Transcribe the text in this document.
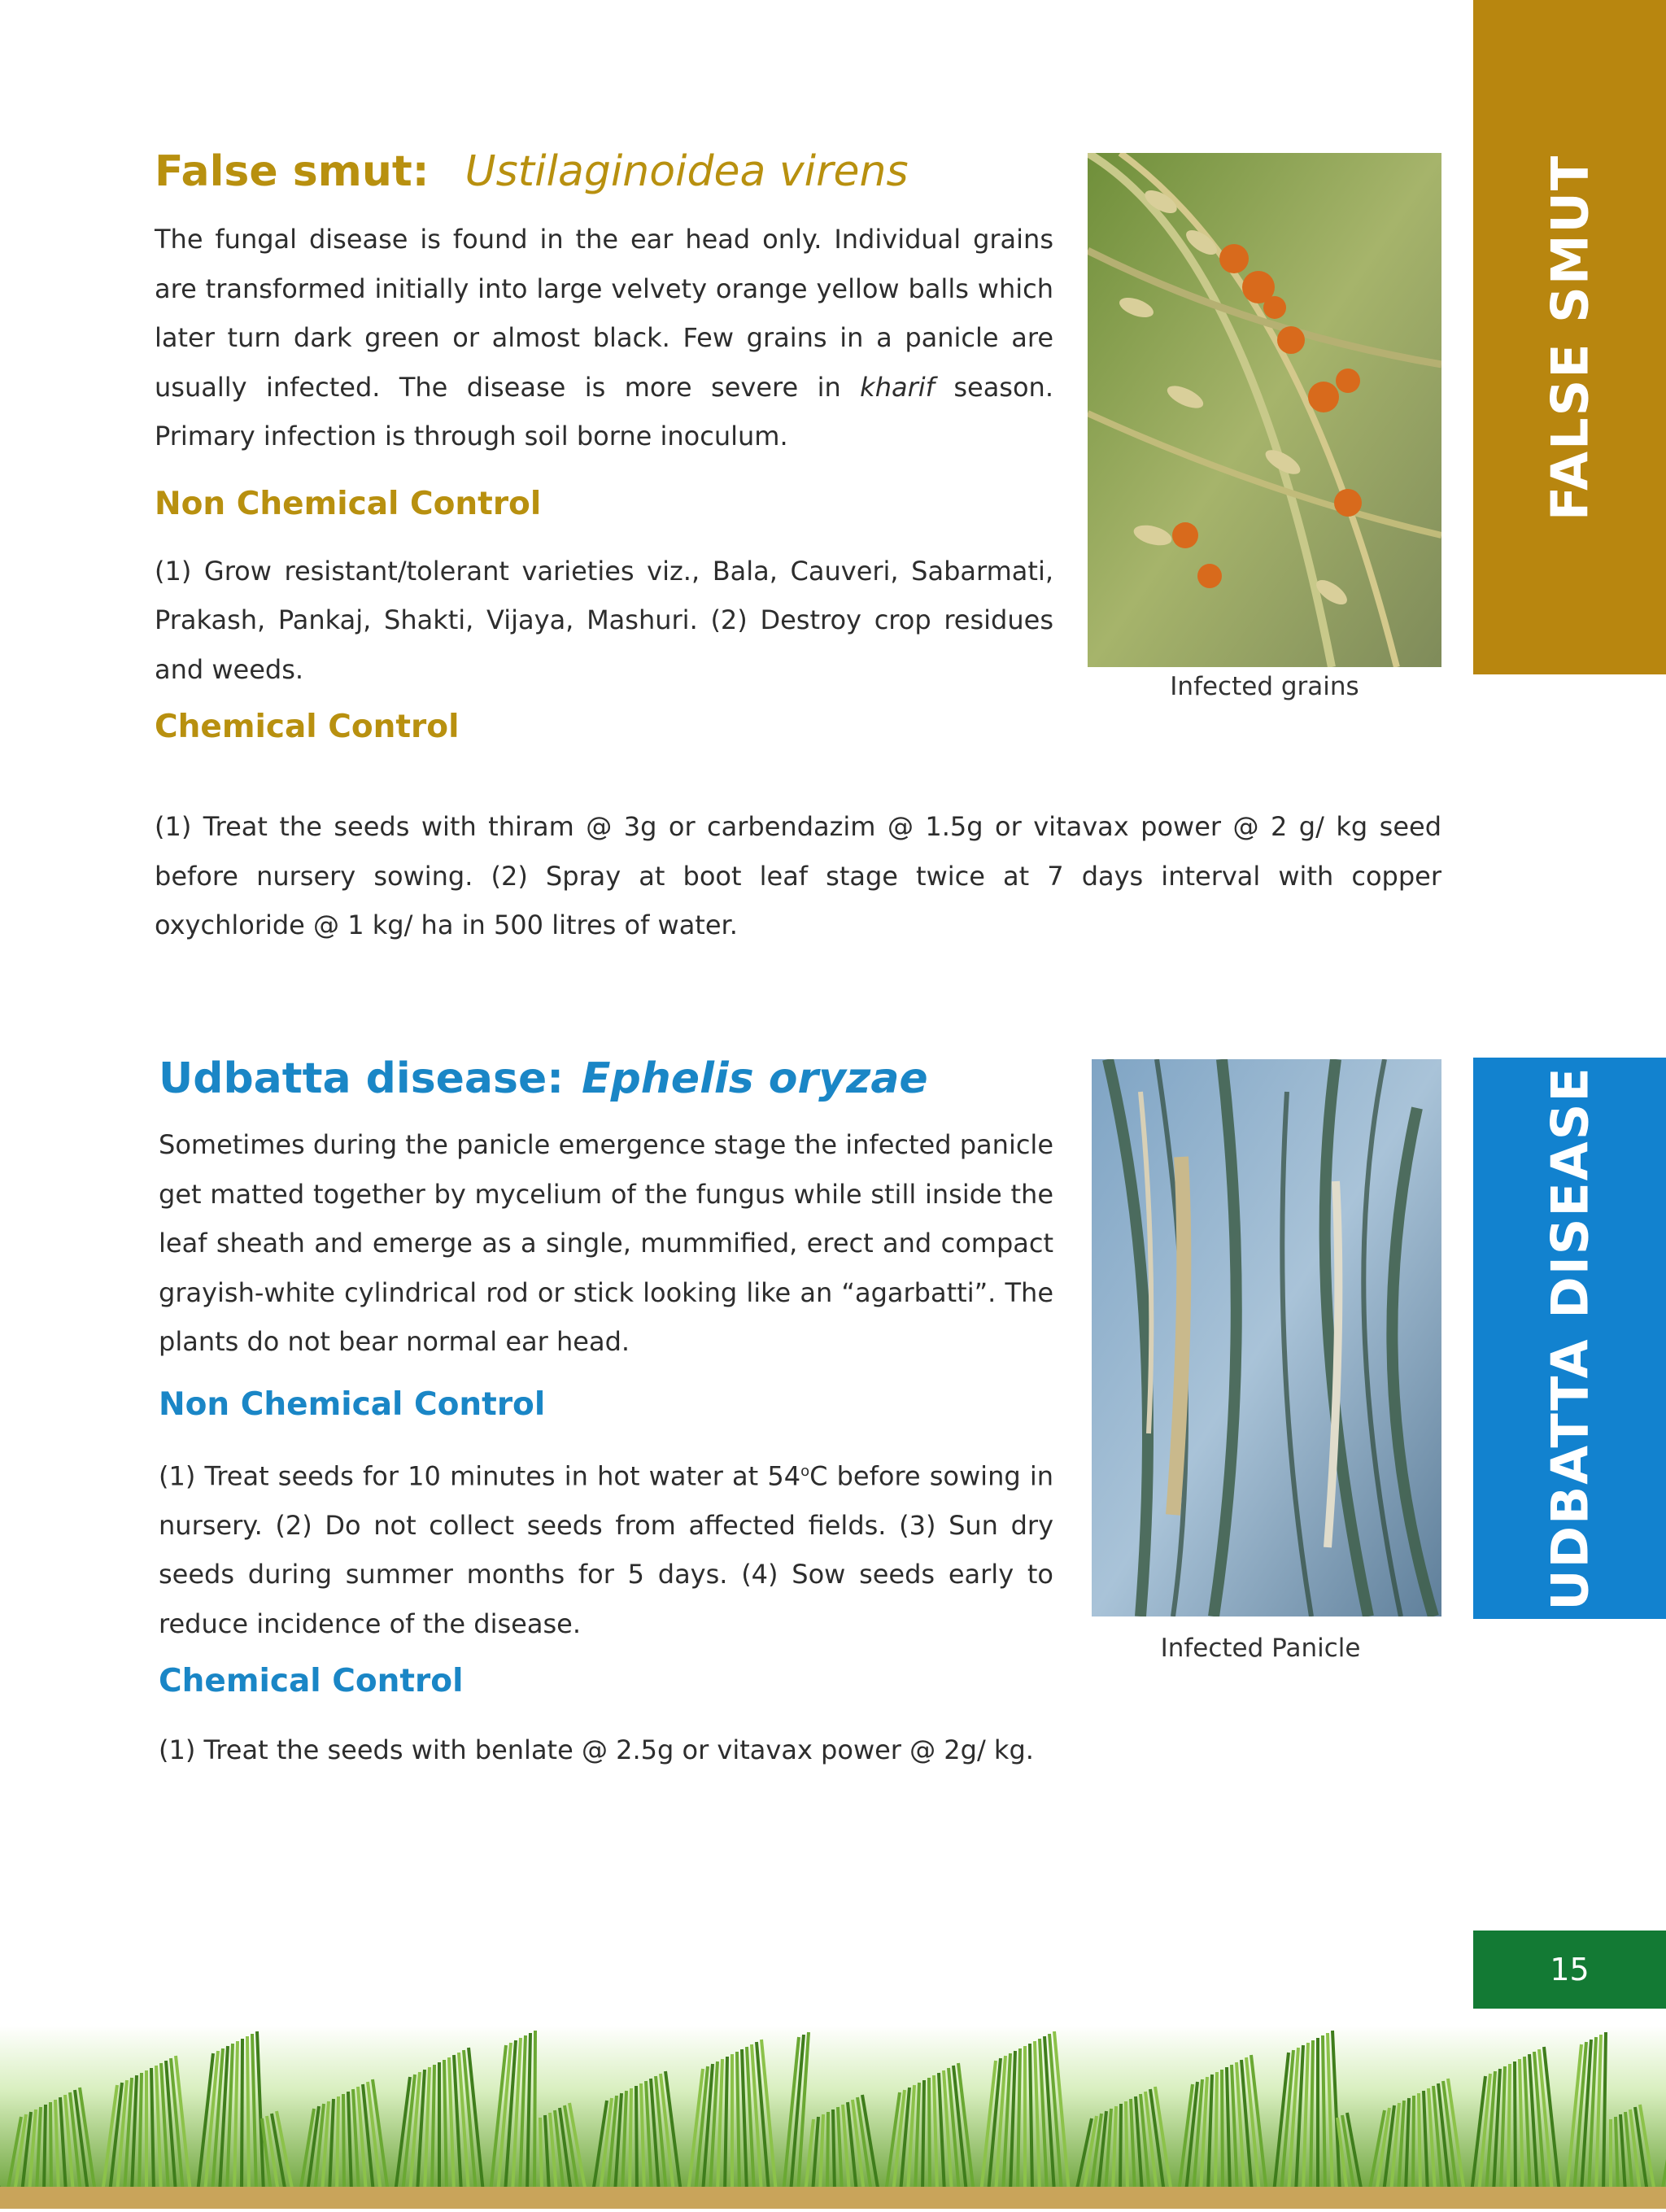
False smut: Ustilaginoidea virens

The fungal disease is found in the ear head only. Individual grains are transformed initially into large velvety orange yellow balls which later turn dark green or almost black. Few grains in a panicle are usually infected. The disease is more severe in kharif season. Primary infection is through soil borne inoculum.

Non Chemical Control

(1) Grow resistant/tolerant varieties viz., Bala, Cauveri, Sabarmati, Prakash, Pankaj, Shakti, Vijaya, Mashuri. (2) Destroy crop residues and weeds.

Chemical Control

(1) Treat the seeds with thiram @ 3g or carbendazim @ 1.5g or vitavax power @ 2 g/ kg seed before nursery sowing. (2) Spray at boot leaf stage twice at 7 days interval with copper oxychloride @ 1 kg/ ha in 500 litres of water.

Infected grains
FALSE SMUT
Udbatta disease: Ephelis oryzae

Sometimes during the panicle emergence stage the infected panicle get matted together by mycelium of the fungus while still inside the leaf sheath and emerge as a single, mummified, erect and compact grayish-white cylindrical rod or stick looking like an “agarbatti”. The plants do not bear normal ear head.

Non Chemical Control

(1) Treat seeds for 10 minutes in hot water at 54$^o$C before sowing in nursery. (2) Do not collect seeds from affected fields. (3) Sun dry seeds during summer months for 5 days. (4) Sow seeds early to reduce incidence of the disease.

Chemical Control

(1) Treat the seeds with benlate @ 2.5g or vitavax power @ 2g/ kg.

Infected Panicle
UDBATTA DISEASE
15
